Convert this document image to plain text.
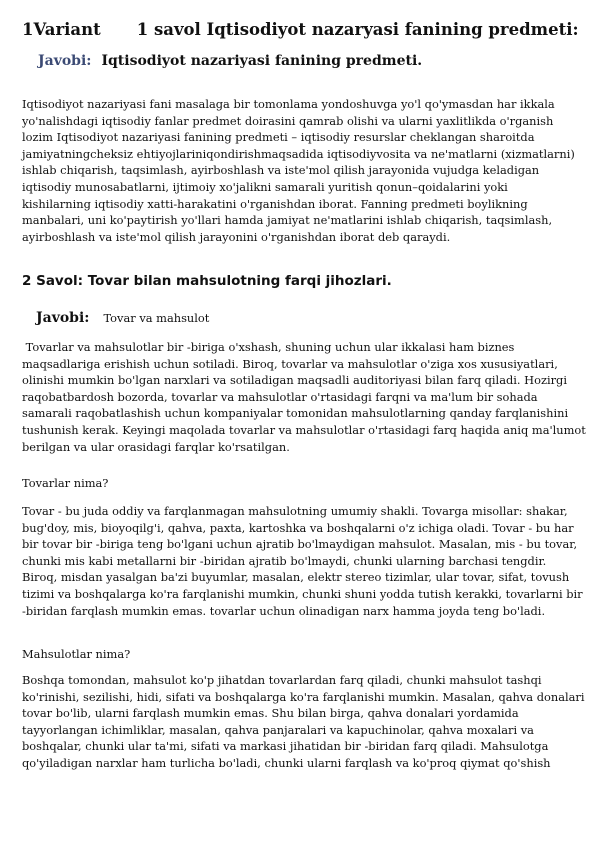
1Variant 1 savol Iqtisodiyot nazaryasi fanining predmeti:
Javobi: Iqtisodiyot nazariyasi fanining predmeti.

Iqtisodiyot nazariyasi fani masalaga bir tomonlama yondoshuvga yo'l qo'ymasdan har ikkala
yo'nalishdagi iqtisodiy fanlar predmet doirasini qamrab olishi va ularni yaxlitlikda o'rganish
lozim Iqtisodiyot nazariyasi fanining predmeti – iqtisodiy resurslar cheklangan sharoitda
jamiyatningcheksiz ehtiyojlariniqondirishmaqsadida iqtisodiyvosita va ne'matlarni (xizmatlarni)
ishlab chiqarish, taqsimlash, ayirboshlash va iste'mol qilish jarayonida vujudga keladigan
iqtisodiy munosabatlarni, ijtimoiy xo'jalikni samarali yuritish qonun–qoidalarini yoki
kishilarning iqtisodiy xatti-harakatini o'rganishdan iborat. Fanning predmeti boylikning
manbalari, uni ko'paytirish yo'llari hamda jamiyat ne'matlarini ishlab chiqarish, taqsimlash,
ayirboshlash va iste'mol qilish jarayonini o'rganishdan iborat deb qaraydi.

2 Savol: Tovar bilan mahsulotning farqi jihozlari.
Javobi: Tovar va mahsulot

Tovarlar va mahsulotlar bir -biriga o'xshash, shuning uchun ular ikkalasi ham biznes
maqsadlariga erishish uchun sotiladi. Biroq, tovarlar va mahsulotlar o'ziga xos xususiyatlari,
olinishi mumkin bo'lgan narxlari va sotiladigan maqsadli auditoriyasi bilan farq qiladi. Hozirgi
raqobatbardosh bozorda, tovarlar va mahsulotlar o'rtasidagi farqni va ma'lum bir sohada
samarali raqobatlashish uchun kompaniyalar tomonidan mahsulotlarning qanday farqlanishini
tushunish kerak. Keyingi maqolada tovarlar va mahsulotlar o'rtasidagi farq haqida aniq ma'lumot
berilgan va ular orasidagi farqlar ko'rsatilgan.

Tovarlar nima?

Tovar - bu juda oddiy va farqlanmagan mahsulotning umumiy shakli. Tovarga misollar: shakar,
bug'doy, mis, bioyoqilg'i, qahva, paxta, kartoshka va boshqalarni o'z ichiga oladi. Tovar - bu har
bir tovar bir -biriga teng bo'lgani uchun ajratib bo'lmaydigan mahsulot. Masalan, mis - bu tovar,
chunki mis kabi metallarni bir -biridan ajratib bo'lmaydi, chunki ularning barchasi tengdir.
Biroq, misdan yasalgan ba'zi buyumlar, masalan, elektr stereo tizimlar, ular tovar, sifat, tovush
tizimi va boshqalarga ko'ra farqlanishi mumkin, chunki shuni yodda tutish kerakki, tovarlarni bir
-biridan farqlash mumkin emas. tovarlar uchun olinadigan narx hamma joyda teng bo'ladi.

Mahsulotlar nima?

Boshqa tomondan, mahsulot ko'p jihatdan tovarlardan farq qiladi, chunki mahsulot tashqi
ko'rinishi, sezilishi, hidi, sifati va boshqalarga ko'ra farqlanishi mumkin. Masalan, qahva donalari
tovar bo'lib, ularni farqlash mumkin emas. Shu bilan birga, qahva donalari yordamida
tayyorlangan ichimliklar, masalan, qahva panjaralari va kapuchinolar, qahva moxalari va
boshqalar, chunki ular ta'mi, sifati va markasi jihatidan bir -biridan farq qiladi. Mahsulotga
qo'yiladigan narxlar ham turlicha bo'ladi, chunki ularni farqlash va ko'proq qiymat qo'shish
